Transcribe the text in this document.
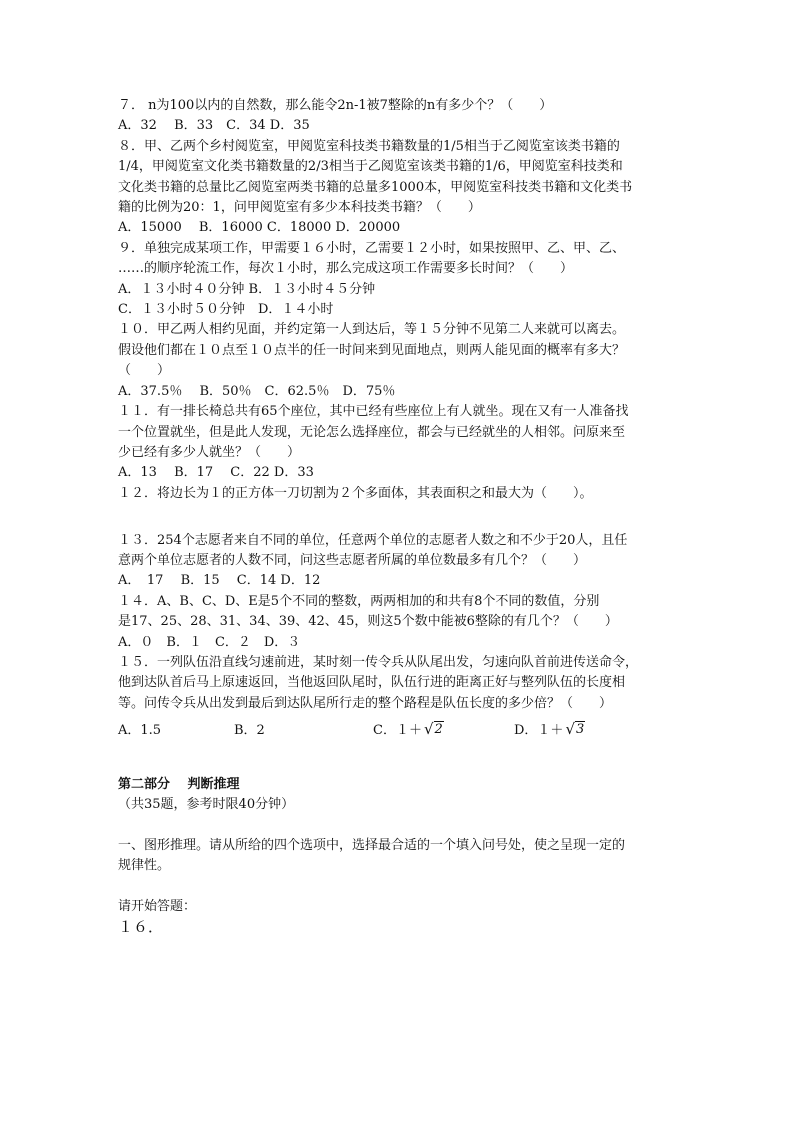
７． n为100以内的自然数，那么能令2n-1被7整除的n有多少个？（　　）

A．32　 B．33　C．34 D．35

８．甲、乙两个乡村阅览室，甲阅览室科技类书籍数量的1/5相当于乙阅览室该类书籍的

1/4，甲阅览室文化类书籍数量的2/3相当于乙阅览室该类书籍的1/6，甲阅览室科技类和

文化类书籍的总量比乙阅览室两类书籍的总量多1000本，甲阅览室科技类书籍和文化类书

籍的比例为20：1，问甲阅览室有多少本科技类书籍？（　　）

A．15000　 B．16000 C．18000 D．20000

９．单独完成某项工作，甲需要１６小时，乙需要１２小时，如果按照甲、乙、甲、乙、

……的顺序轮流工作，每次１小时，那么完成这项工作需要多长时间？（　　）

A．１３小时４０分钟 B．１３小时４５分钟

C．１３小时５０分钟　D．１４小时

１０．甲乙两人相约见面，并约定第一人到达后，等１５分钟不见第二人来就可以离去。

假设他们都在１０点至１０点半的任一时间来到见面地点，则两人能见面的概率有多大？

（　　）

A．37.5％　 B．50％　C．62.5％　D．75％

１１．有一排长椅总共有65个座位，其中已经有些座位上有人就坐。现在又有一人准备找

一个位置就坐，但是此人发现，无论怎么选择座位，都会与已经就坐的人相邻。问原来至

少已经有多少人就坐？（　　）

A．13　 B．17　 C．22 D．33

１２．将边长为１的正方体一刀切割为２个多面体，其表面积之和最大为（　　）。

１３．254个志愿者来自不同的单位，任意两个单位的志愿者人数之和不少于20人，且任

意两个单位志愿者的人数不同，问这些志愿者所属的单位数最多有几个？（　　）

A．　17　 B．15　 C．14 D．12

１４．A、B、C、D、E是5个不同的整数，两两相加的和共有8个不同的数值，分别

是17、25、28、31、34、39、42、45，则这5个数中能被6整除的有几个？（　　）

A．０　B．１　C．２　D．３

１５．一列队伍沿直线匀速前进，某时刻一传令兵从队尾出发，匀速向队首前进传送命令，

他到达队首后马上原速返回，当他返回队尾时，队伍行进的距离正好与整列队伍的长度相

等。问传令兵从出发到最后到达队尾所行走的整个路程是队伍长度的多少倍？（　　）

A．1.5	B．2	C．１＋ √ 2	D．１＋ √ 3

第二部分　 判断推理

（共35题，参考时限40分钟）

一、图形推理。请从所给的四个选项中，选择最合适的一个填入问号处，使之呈现一定的

规律性。

请开始答题：

１６．
